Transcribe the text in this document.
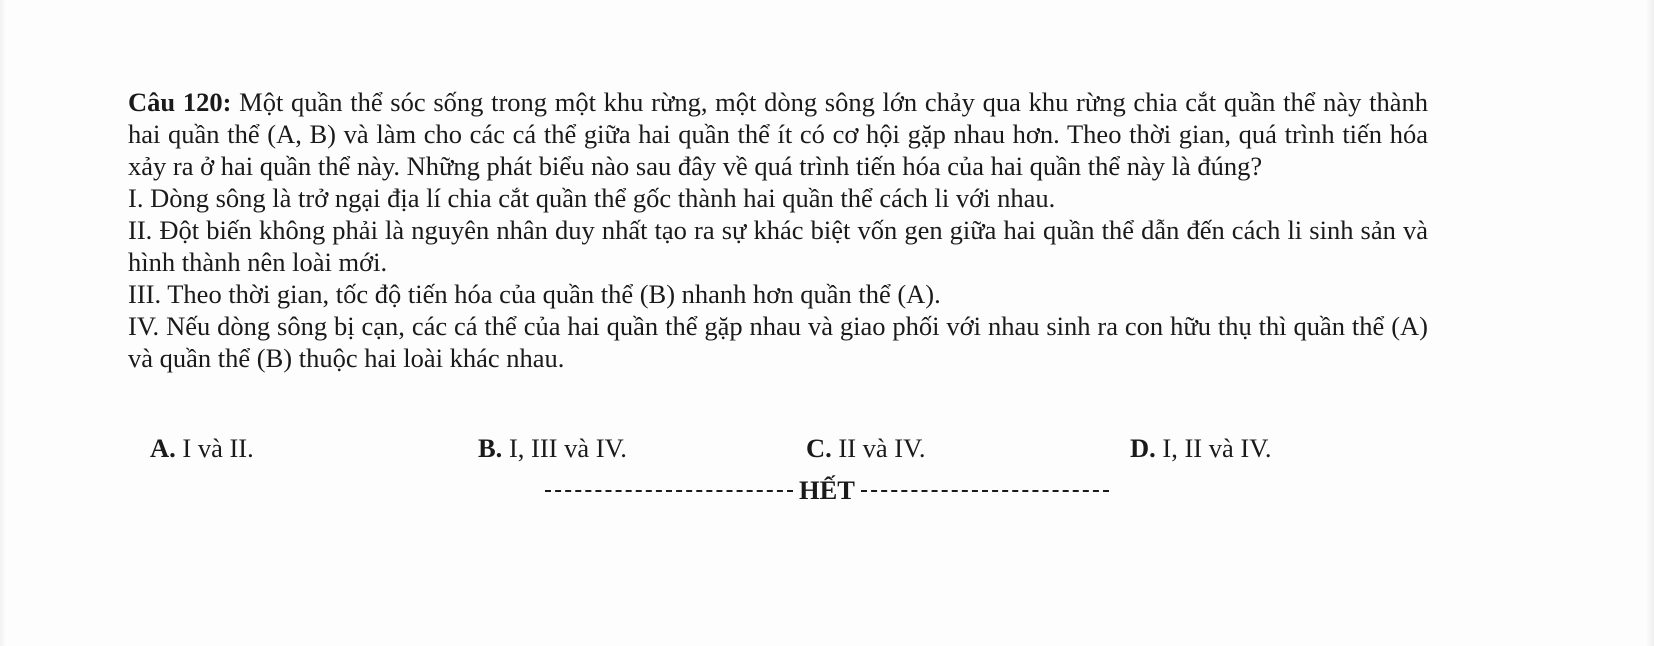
Câu 120: Một quần thể sóc sống trong một khu rừng, một dòng sông lớn chảy qua khu rừng chia cắt quần thể này thành hai quần thể (A, B) và làm cho các cá thể giữa hai quần thể ít có cơ hội gặp nhau hơn. Theo thời gian, quá trình tiến hóa xảy ra ở hai quần thể này. Những phát biểu nào sau đây về quá trình tiến hóa của hai quần thể này là đúng?

I. Dòng sông là trở ngại địa lí chia cắt quần thể gốc thành hai quần thể cách li với nhau.

II. Đột biến không phải là nguyên nhân duy nhất tạo ra sự khác biệt vốn gen giữa hai quần thể dẫn đến cách li sinh sản và hình thành nên loài mới.

III. Theo thời gian, tốc độ tiến hóa của quần thể (B) nhanh hơn quần thể (A).

IV. Nếu dòng sông bị cạn, các cá thể của hai quần thể gặp nhau và giao phối với nhau sinh ra con hữu thụ thì quần thể (A) và quần thể (B) thuộc hai loài khác nhau.

A. I và II.	B. I, III và IV.	C. II và IV.	D. I, II và IV.
HẾT
